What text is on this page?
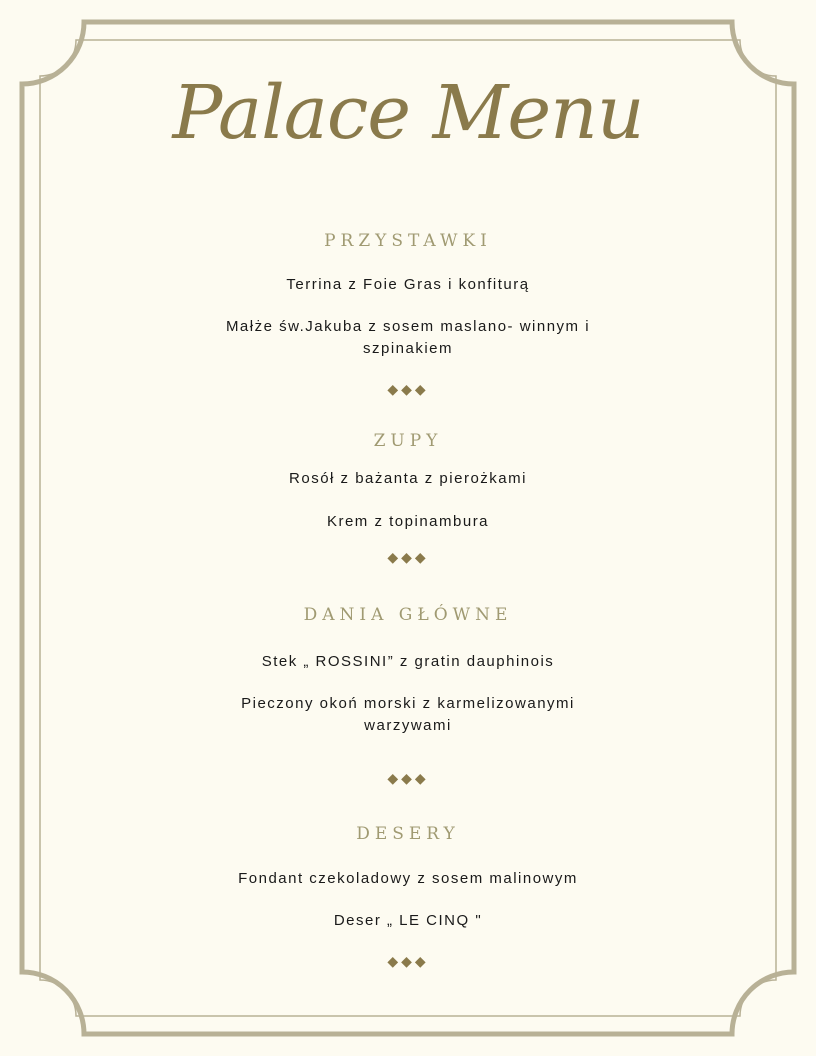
Palace Menu
PRZYSTAWKI
Terrina z Foie Gras i konfiturą
Małże św.Jakuba z sosem maslano- winnym i szpinakiem
◆◆◆
ZUPY
Rosół z bażanta z pierożkami
Krem z topinambura
◆◆◆
DANIA GŁÓWNE
Stek „ ROSSINI” z gratin dauphinois
Pieczony okoń morski z karmelizowanymi warzywami
◆◆◆
DESERY
Fondant czekoladowy z sosem malinowym
Deser „ LE CINQ "
◆◆◆
